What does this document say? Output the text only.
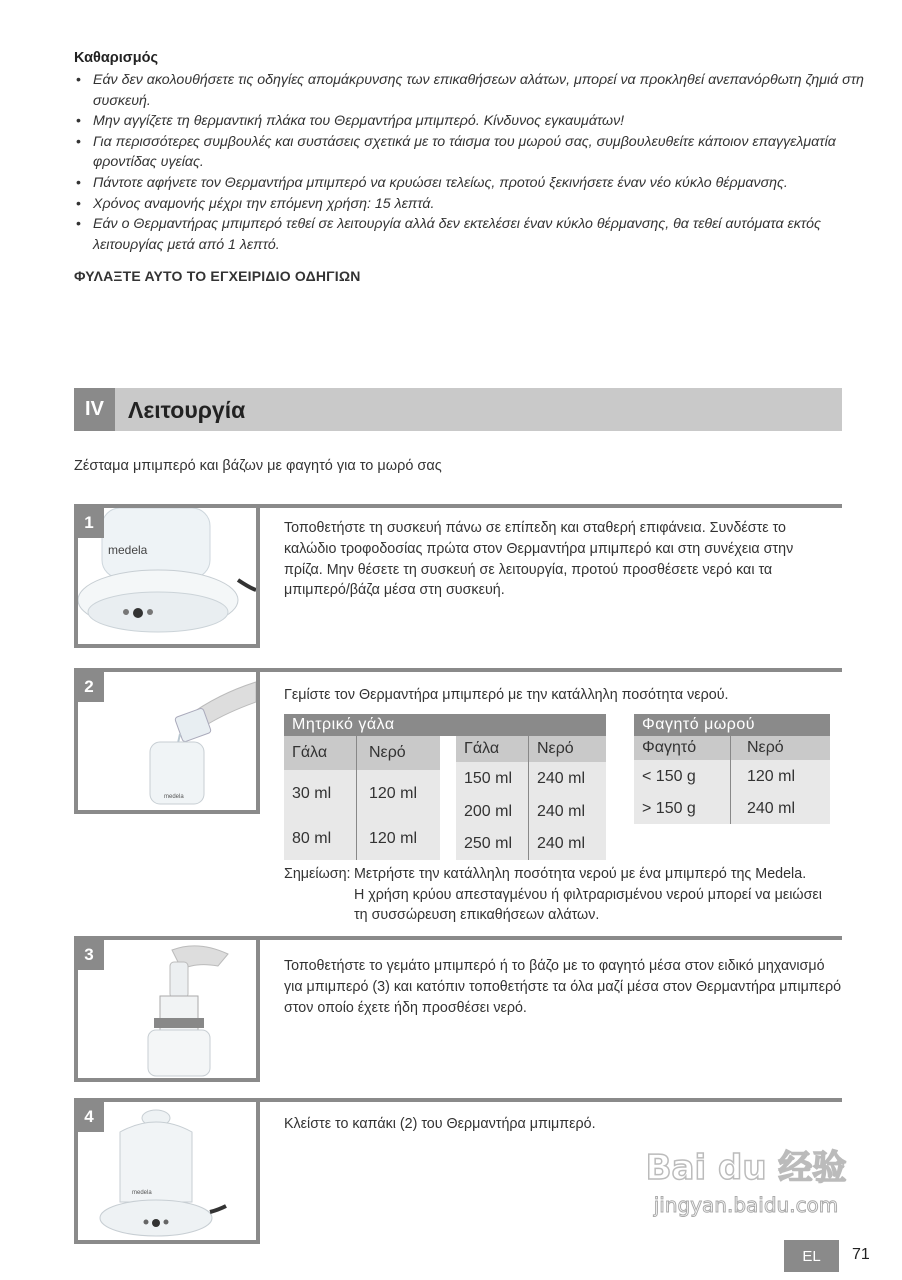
Καθαρισμός
• Εάν δεν ακολουθήσετε τις οδηγίες απομάκρυνσης των επικαθήσεων αλάτων, μπορεί να προκληθεί ανεπανόρθωτη ζημιά στη συσκευή.
• Μην αγγίζετε τη θερμαντική πλάκα του Θερμαντήρα μπιμπερό. Κίνδυνος εγκαυμάτων!
• Για περισσότερες συμβουλές και συστάσεις σχετικά με το τάισμα του μωρού σας, συμβουλευθείτε κάποιον επαγγελματία φροντίδας υγείας.
• Πάντοτε αφήνετε τον Θερμαντήρα μπιμπερό να κρυώσει τελείως, προτού ξεκινήσετε έναν νέο κύκλο θέρμανσης.
• Χρόνος αναμονής μέχρι την επόμενη χρήση: 15 λεπτά.
• Εάν ο Θερμαντήρας μπιμπερό τεθεί σε λειτουργία αλλά δεν εκτελέσει έναν κύκλο θέρμανσης, θα τεθεί αυτόματα εκτός λειτουργίας μετά από 1 λεπτό.
ΦΥΛΑΞΤΕ ΑΥΤΟ ΤΟ ΕΓΧΕΙΡΙΔΙΟ ΟΔΗΓΙΩΝ
IV	Λειτουργία
Ζέσταμα μπιμπερό και βάζων με φαγητό για το μωρό σας
medela
1	Τοποθετήστε τη συσκευή πάνω σε επίπεδη και σταθερή επιφάνεια. Συνδέστε το καλώδιο τροφοδοσίας πρώτα στον Θερμαντήρα μπιμπερό και στη συνέχεια στην πρίζα. Μην θέσετε τη συσκευή σε λειτουργία, προτού προσθέσετε νερό και τα μπιμπερό/βάζα μέσα στη συσκευή.
medela
2	Γεμίστε τον Θερμαντήρα μπιμπερό με την κατάλληλη ποσότητα νερού.
Μητρικό γάλα
Γάλα	Νερό
30 ml	120 ml
80 ml	120 ml
Γάλα	Νερό
150 ml	240 ml
200 ml	240 ml
250 ml	240 ml
Φαγητό μωρού	
Φαγητό	Νερό
< 150 g	120 ml
> 150 g	240 ml
Σημείωση: Μετρήστε την κατάλληλη ποσότητα νερού με ένα μπιμπερό της Medela.
Η χρήση κρύου απεσταγμένου ή φιλτραρισμένου νερού μπορεί να μειώσει
τη συσσώρευση επικαθήσεων αλάτων.
3
Τοποθετήστε το γεμάτο μπιμπερό ή το βάζο με το φαγητό μέσα στον ειδικό μηχανισμό για μπιμπερό (3) και κατόπιν τοποθετήστε τα όλα μαζί μέσα στον Θερμαντήρα μπιμπερό στον οποίο έχετε ήδη προσθέσει νερό.
medela
4	Κλείστε το καπάκι (2) του Θερμαντήρα μπιμπερό.
Bai du 经验
jingyan.baidu.com
EL	71
